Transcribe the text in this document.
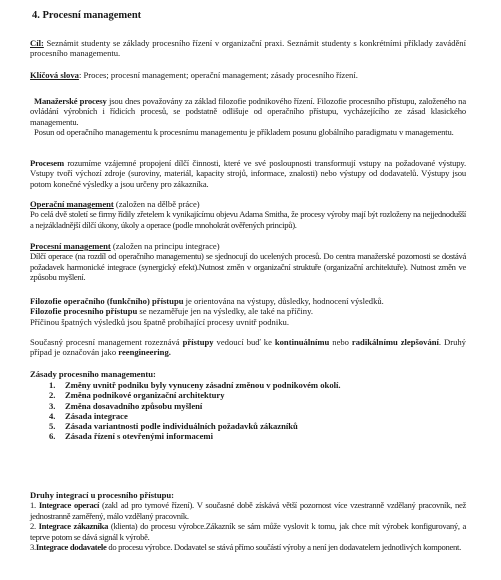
4. Procesní management

Cíl: Seznámit studenty se základy procesního řízení v organizační praxi. Seznámit studenty s konkrétními příklady zavádění procesního managementu.

Klíčová slova: Proces; procesní management; operační management; zásady procesního řízení.

Manažerské procesy jsou dnes považovány za základ filozofie podnikového řízení. Filozofie procesního přístupu, založeného na ovládání výrobních i řídicích procesů, se podstatně odlišuje od operačního přístupu, vycházejícího ze zásad klasického managementu.

Posun od operačního managementu k procesnímu managementu je příkladem posunu globálního paradigmatu v managementu.

Procesem rozumíme vzájemné propojení dílčí činnosti, které ve své posloupnosti transformují vstupy na požadované výstupy. Vstupy tvoří výchozí zdroje (suroviny, materiál, kapacity strojů, informace, znalosti) nebo výstupy od dodavatelů. Výstupy jsou potom konečné výsledky a jsou určeny pro zákazníka.

Operační management (založen na dělbě práce)
Po celá dvě století se firmy řídily zřetelem k vynikajícímu objevu Adama Smitha, že procesy výroby mají být rozloženy na nejjednodušší a nejzákladnější dílčí úkony, úkoly a operace (podle mnohokrát ověřených principů).
Procesní management (založen na principu integrace)
Dílčí operace (na rozdíl od operačního managementu) se sjednocují do ucelených procesů. Do centra manažerské pozornosti se dostává požadavek harmonické integrace (synergický efekt).Nutnost změn v organizační struktuře (organizační architektuře). Nutnost změn ve způsobu myšlení.
Filozofie operačního (funkčního) přístupu je orientována na výstupy, důsledky, hodnocení výsledků.
Filozofie procesního přístupu se nezaměřuje jen na výsledky, ale také na příčiny.
Příčinou špatných výsledků jsou špatně probíhající procesy uvnitř podniku.

Současný procesní management rozeznává přístupy vedoucí buď ke kontinuálnímu nebo radikálnímu zlepšování. Druhý případ je označován jako reengineering.

Zásady procesního managementu:
1. Změny uvnitř podniku byly vynuceny zásadní změnou v podnikovém okolí.
2. Změna podnikové organizační architektury
3. Změna dosavadního způsobu myšlení
4. Zásada integrace
5. Zásada variantnosti podle individuálních požadavků zákazníků
6. Zásada řízení s otevřenými informacemi
Druhy integrací u procesního přístupu:
1. Integrace operací (zakl ad pro tymové řízení). V současné době získává větší pozornost více vzestranně vzdělaný pracovník, než jednostranně zaměřený, málo vzdělaný pracovník.
2. Integrace zákazníka (klienta) do procesu výrobce.Zákazník se sám může vyslovit k tomu, jak chce mít výrobek konfigurovaný, a teprve potom se dává signál k výrobě.
3.Integrace dodavatele do procesu výrobce. Dodavatel se stává přímo součástí výroby a není jen dodavatelem jednotlivých komponent.
